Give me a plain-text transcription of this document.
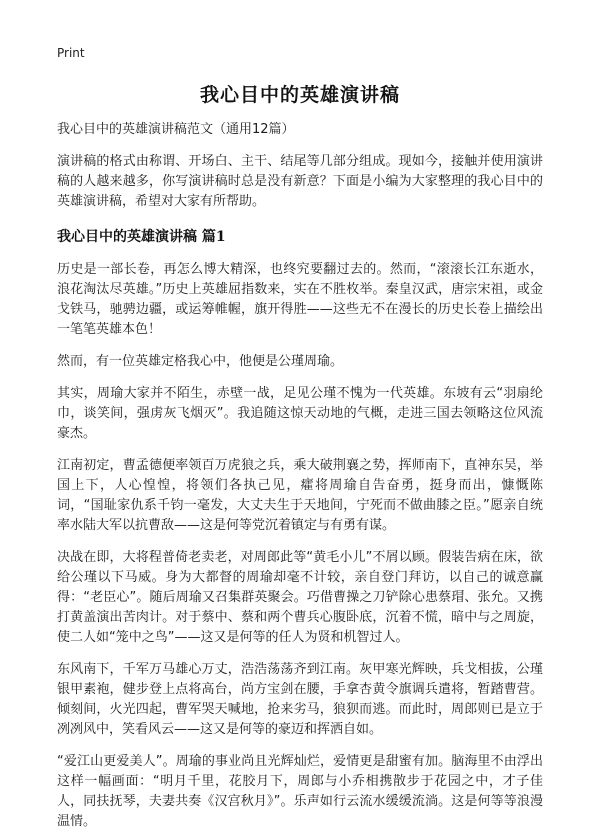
Print
我心目中的英雄演讲稿

我心目中的英雄演讲稿范文（通用12篇）

演讲稿的格式由称谓、开场白、主干、结尾等几部分组成。现如今，接触并使用演讲稿的人越来越多，你写演讲稿时总是没有新意？下面是小编为大家整理的我心目中的英雄演讲稿，希望对大家有所帮助。

我心目中的英雄演讲稿 篇1

历史是一部长卷，再怎么博大精深，也终究要翻过去的。然而，“滚滚长江东逝水，浪花淘汰尽英雄。”历史上英雄屈指数来，实在不胜枚举。秦皇汉武，唐宗宋祖，或金戈铁马，驰骋边疆，或运筹帷幄，旗开得胜——这些无不在漫长的历史长卷上描绘出一笔笔英雄本色！

然而，有一位英雄定格我心中，他便是公瑾周瑜。

其实，周瑜大家并不陌生，赤壁一战，足见公瑾不愧为一代英雄。东坡有云“羽扇纶巾，谈笑间，强虏灰飞烟灭”。我追随这惊天动地的气概，走进三国去领略这位风流豪杰。

江南初定，曹孟德便率领百万虎狼之兵，乘大破荆襄之势，挥师南下，直神东吴，举国上下，人心惶惶，将领们各执己见，癨将周瑜自告奋勇，挺身而出，慷慨陈词，“国耻家仇系千钧一毫发，大丈夫生于天地间，宁死而不做曲膝之臣。”愿亲自统率水陆大军以抗曹敌——这是何等党沉着镇定与有勇有谋。

决战在即，大将程普倚老卖老，对周郎此等“黄毛小儿”不屑以顾。假装告病在床，欲给公瑾以下马威。身为大都督的周瑜却毫不计较，亲自登门拜访，以自己的诚意赢得：“老臣心”。随后周瑜又召集群英聚会。巧借曹操之刀铲除心患蔡瑁、张允。又携打黄盖演出苦肉计。对于蔡中、蔡和两个曹兵心腹卧底，沉着不慌，暗中与之周旋，使二人如“笼中之鸟”——这又是何等的任人为贤和机智过人。

东风南下，千军万马雄心万丈，浩浩荡荡齐到江南。灰甲寒光辉映，兵戈相拔，公瑾银甲素袍，健步登上点将高台，尚方宝剑在腰，手拿杏黄令旗调兵遣将，暂踏曹营。倾刻间，火光四起，曹军哭天喊地，抢来劣马，狼狈而逃。而此时，周郎则已是立于冽冽风中，笑看风云——这又是何等的豪迈和挥洒自如。

“爱江山更爱美人”。周瑜的事业尚且光辉灿烂，爱情更是甜蜜有加。脑海里不由浮出这样一幅画面：“明月千里，花胶月下，周郎与小乔相携散步于花园之中，才子佳人，同扶抚琴，夫妻共奏《汉宫秋月》”。乐声如行云流水缓缓流淌。这是何等等浪漫温情。
